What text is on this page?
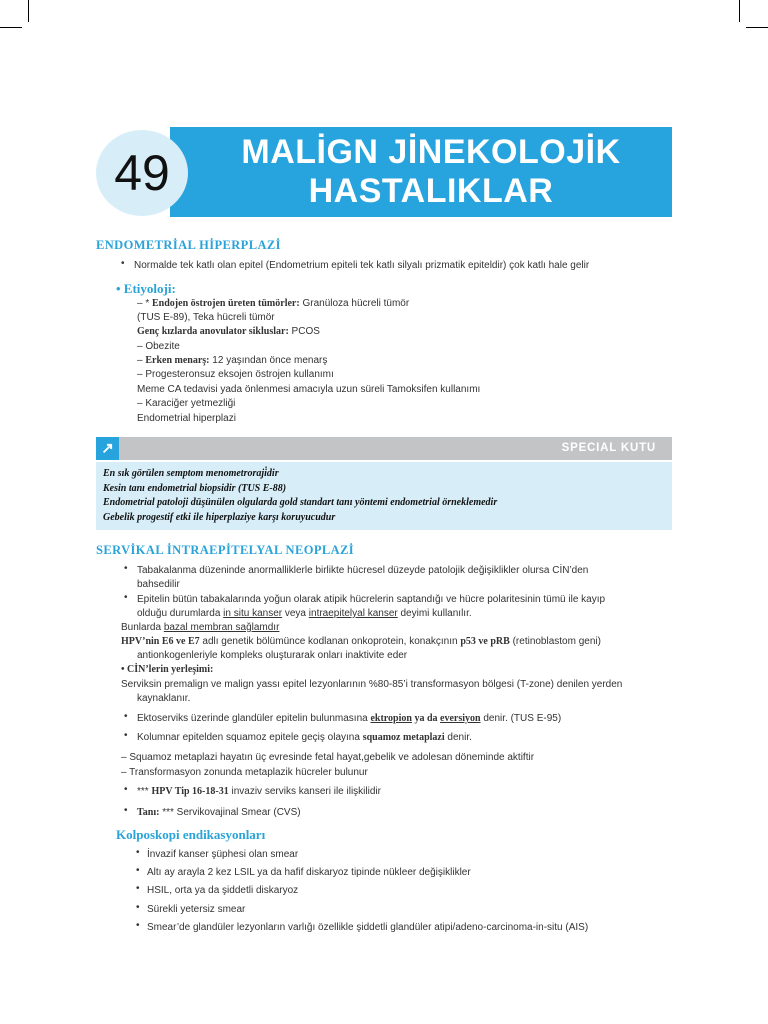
49	MALİGN JİNEKOLOJİK
HASTALIKLAR
ENDOMETRİAL HİPERPLAZİ
• Normalde tek katlı olan epitel (Endometrium epiteli tek katlı silyalı prizmatik epiteldir) çok katlı hale gelir
• Etiyoloji:
– * Endojen östrojen üreten tümörler: Granüloza hücreli tümör
(TUS E-89), Teka hücreli tümör
Genç kızlarda anovulator sikluslar: PCOS
– Obezite
– Erken menarş: 12 yaşından önce menarş
– Progesteronsuz eksojen östrojen kullanımı
Meme CA tedavisi yada önlenmesi amacıyla uzun süreli Tamoksifen kullanımı
– Karaciğer yetmezliği
Endometrial hiperplazi
SPECIAL KUTU
↗
En sık görülen semptom menometroraji̇dir
Kesin tanı endometrial biopsidir (TUS E-88)
Endometrial patoloji düşünülen olgularda gold standart tanı yöntemi endometrial örneklemedir
Gebelik progestif etki ile hiperplaziye karşı koruyucudur
SERVİKAL İNTRAEPİTELYAL NEOPLAZİ
• Tabakalanma düzeninde anormalliklerle birlikte hücresel düzeyde patolojik değişiklikler olursa CİN’den
bahsedilir
• Epitelin bütün tabakalarında yoğun olarak atipik hücrelerin saptandığı ve hücre polaritesinin tümü ile kayıp
olduğu durumlarda in situ kanser veya intraepitelyal kanser deyimi kullanılır.
Bunlarda bazal membran sağlamdır
HPV’nin E6 ve E7 adlı genetik bölümünce kodlanan onkoprotein, konakçının p53 ve pRB (retinoblastom geni)
antionkogenleriyle kompleks oluşturarak onları inaktivite eder
• CİN’lerin yerleşimi:
Serviksin premalign ve malign yassı epitel lezyonlarının %80-85’i transformasyon bölgesi (T-zone) denilen yerden
kaynaklanır.
• Ektoserviks üzerinde glandüler epitelin bulunmasına ektropion ya da eversiyon denir. (TUS E-95)
• Kolumnar epitelden squamoz epitele geçiş olayına squamoz metaplazi denir.
– Squamoz metaplazi hayatın üç evresinde fetal hayat,gebelik ve adolesan döneminde aktiftir
– Transformasyon zonunda metaplazik hücreler bulunur
• *** HPV Tip 16-18-31 invaziv serviks kanseri ile ilişkilidir
• Tanı: *** Servikovajinal Smear (CVS)
Kolposkopi endikasyonları
• İnvazif kanser şüphesi olan smear
• Altı ay arayla 2 kez LSIL ya da hafif diskaryoz tipinde nükleer değişiklikler
• HSIL, orta ya da şiddetli diskaryoz
• Sürekli yetersiz smear
• Smear’de glandüler lezyonların varlığı özellikle şiddetli glandüler atipi/adeno-carcinoma-in-situ (AIS)
